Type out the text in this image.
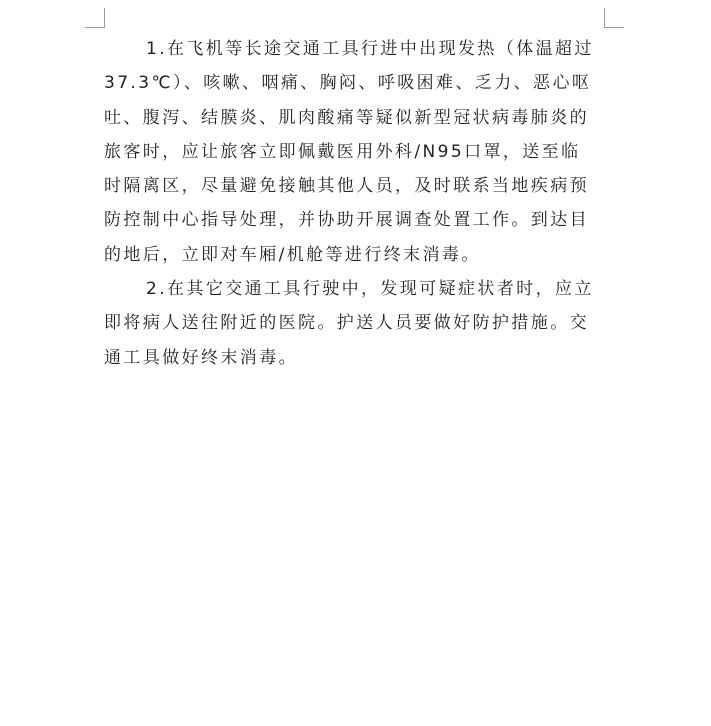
1.在飞机等长途交通工具行进中出现发热（体温超过
37.3℃）、咳嗽、咽痛、胸闷、呼吸困难、乏力、恶心呕
吐、腹泻、结膜炎、肌肉酸痛等疑似新型冠状病毒肺炎的
旅客时，应让旅客立即佩戴医用外科/N95口罩，送至临
时隔离区，尽量避免接触其他人员，及时联系当地疾病预
防控制中心指导处理，并协助开展调查处置工作。到达目
的地后，立即对车厢/机舱等进行终末消毒。
2.在其它交通工具行驶中，发现可疑症状者时，应立
即将病人送往附近的医院。护送人员要做好防护措施。交
通工具做好终末消毒。
